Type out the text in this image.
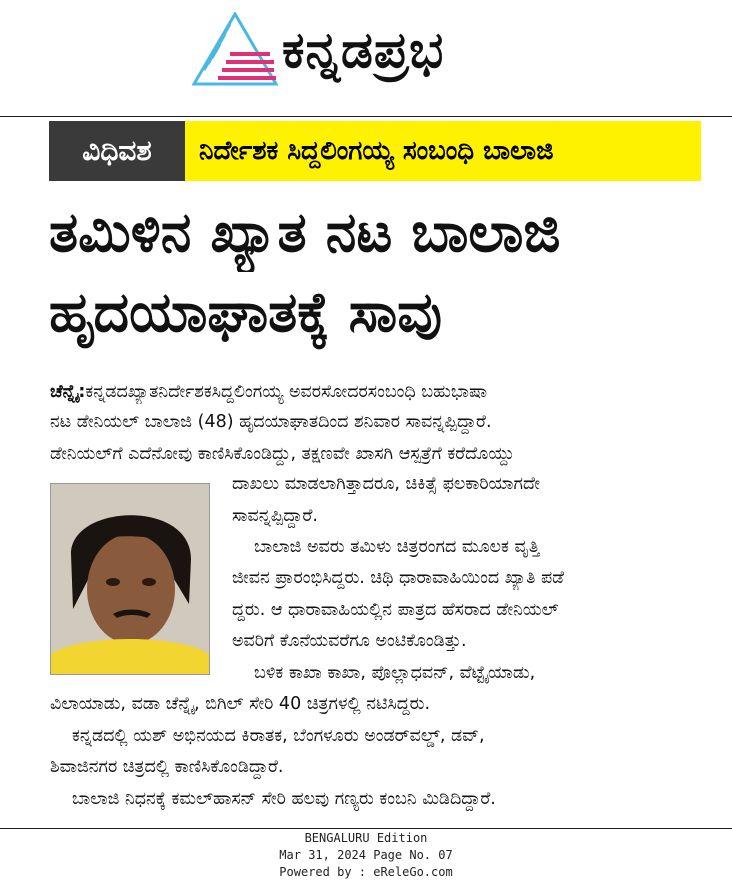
ಕನ್ನಡಪ್ರಭ
ವಿಧಿವಶ	ನಿರ್ದೇಶಕ ಸಿದ್ದಲಿಂಗಯ್ಯ ಸಂಬಂಧಿ ಬಾಲಾಜಿ
ತಮಿಳಿನ ಖ್ಯಾತ ನಟ ಬಾಲಾಜಿ
ಹೃದಯಾಘಾತಕ್ಕೆ ಸಾವು
ಚೆನ್ನೈ:ಕನ್ನಡದಖ್ಯಾತನಿರ್ದೇಶಕಸಿದ್ದಲಿಂಗಯ್ಯ ಅವರಸೋದರಸಂಬಂಧಿ ಬಹುಭಾಷಾ
ನಟ ಡೇನಿಯಲ್ ಬಾಲಾಜಿ (48) ಹೃದಯಾಘಾತದಿಂದ ಶನಿವಾರ ಸಾವನ್ನಪ್ಪಿದ್ದಾರೆ.
ಡೇನಿಯಲ್‌ಗೆ ಎದೆನೋವು ಕಾಣಿಸಿಕೊಂಡಿದ್ದು, ತಕ್ಷಣವೇ ಖಾಸಗಿ ಆಸ್ಪತ್ರೆಗೆ ಕರೆದೊಯ್ದು
ದಾಖಲು ಮಾಡಲಾಗಿತ್ತಾದರೂ, ಚಿಕಿತ್ಸೆ ಫಲಕಾರಿಯಾಗದೇ
ಸಾವನ್ನಪ್ಪಿದ್ದಾರೆ.
ಬಾಲಾಜಿ ಅವರು ತಮಿಳು ಚಿತ್ರರಂಗದ ಮೂಲಕ ವೃತ್ತಿ
ಜೀವನ ಪ್ರಾರಂಭಿಸಿದ್ದರು. ಚಿಥಿ ಧಾರಾವಾಹಿಯಿಂದ ಖ್ಯಾತಿ ಪಡೆ
ದ್ದರು. ಆ ಧಾರಾವಾಹಿಯಲ್ಲಿನ ಪಾತ್ರದ ಹೆಸರಾದ ಡೇನಿಯಲ್
ಅವರಿಗೆ ಕೊನೆಯವರೆಗೂ ಅಂಟಿಕೊಂಡಿತ್ತು.
ಬಳಿಕ ಕಾಖಾ ಕಾಖಾ, ಪೊಲ್ಲಾಧವನ್, ವೆಟ್ಟೈಯಾಡು,
ವಿಲಾಯಾಡು, ವಡಾ ಚೆನ್ನೈ, ಬಿಗಿಲ್ ಸೇರಿ 40 ಚಿತ್ರಗಳಲ್ಲಿ ನಟಿಸಿದ್ದರು.
ಕನ್ನಡದಲ್ಲಿ ಯಶ್ ಅಭಿನಯದ ಕಿರಾತಕ, ಬೆಂಗಳೂರು ಅಂಡರ್‌ವಲ್ಡ್, ಡವ್,
ಶಿವಾಜಿನಗರ ಚಿತ್ರದಲ್ಲಿ ಕಾಣಿಸಿಕೊಂಡಿದ್ದಾರೆ.
ಬಾಲಾಜಿ ನಿಧನಕ್ಕೆ ಕಮಲ್‌ಹಾಸನ್ ಸೇರಿ ಹಲವು ಗಣ್ಯರು ಕಂಬನಿ ಮಿಡಿದಿದ್ದಾರೆ.
BENGALURU Edition
Mar 31, 2024 Page No. 07
Powered by : eReleGo.com
